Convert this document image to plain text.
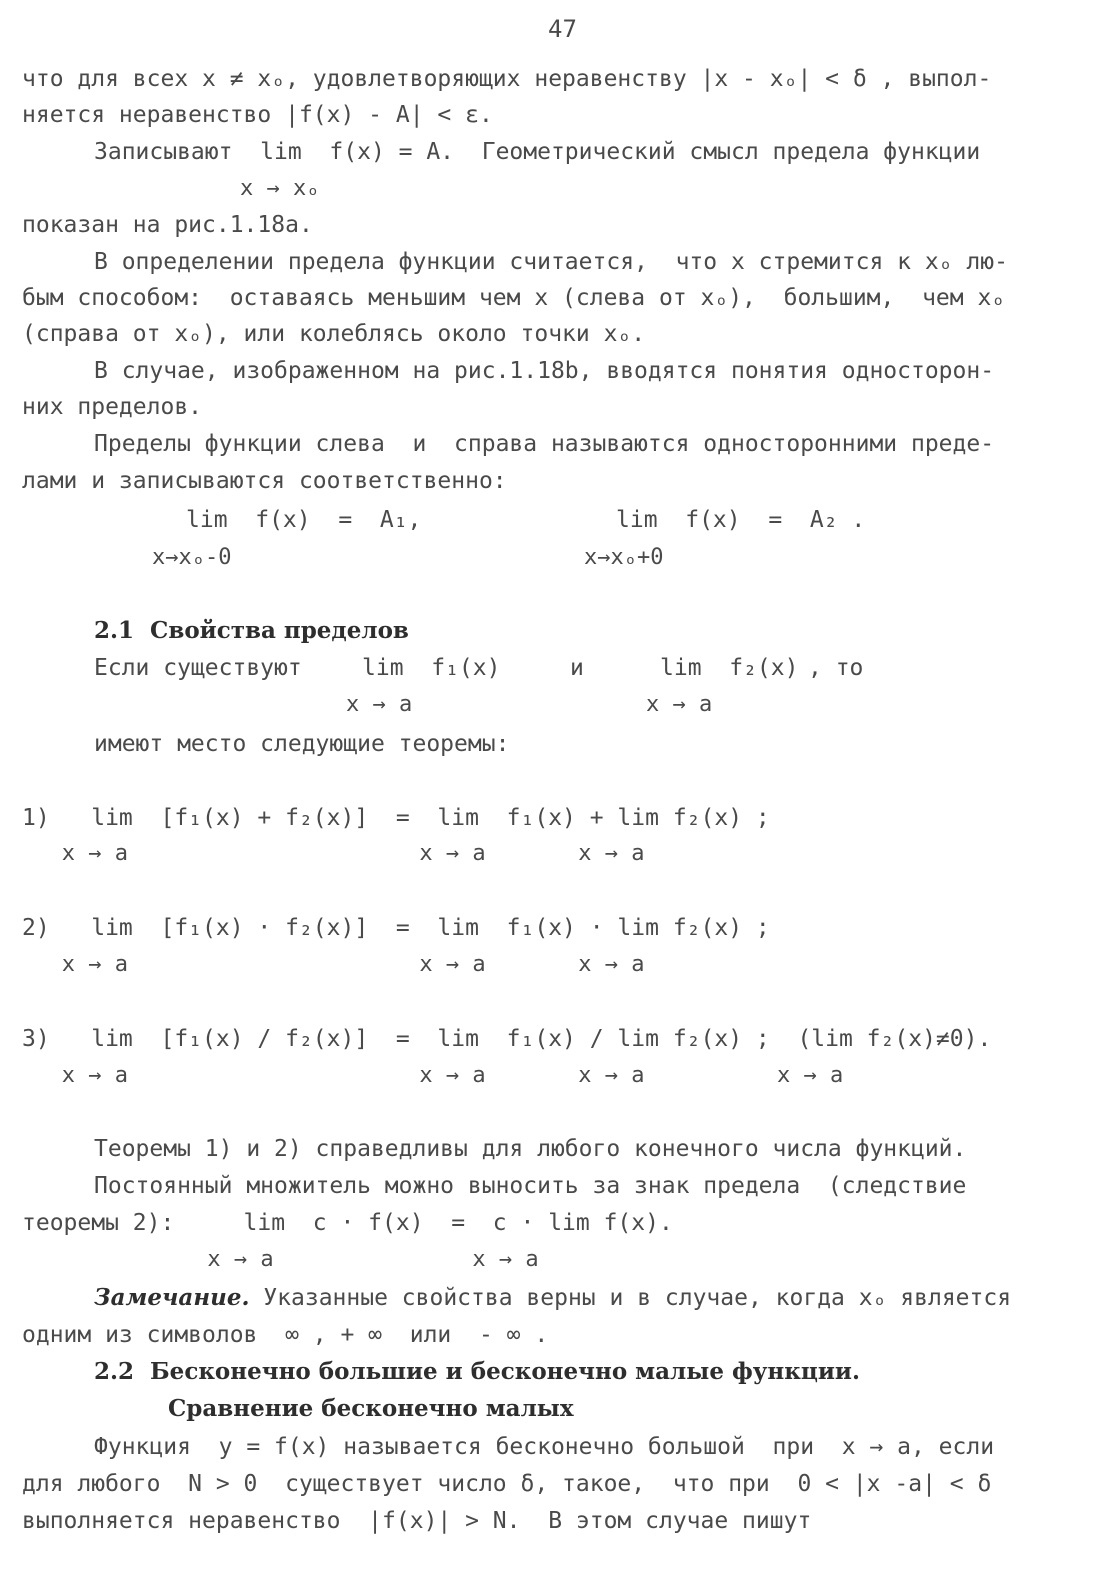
47
что для всех x ≠ xₒ, удовлетворяющих неравенству |x - xₒ| < δ , выпол-
няется неравенство |f(x) - A| < ε.
Записывают  lim  f(x) = A.  Геометрический смысл предела функции
x → xₒ
показан на рис.1.18a.
В определении предела функции считается,  что x стремится к xₒ лю-
бым способом:  оставаясь меньшим чем x (слева от xₒ),  большим,  чем xₒ
(справа от xₒ), или колеблясь около точки xₒ.
В случае, изображенном на рис.1.18b, вводятся понятия односторон-
них пределов.
Пределы функции слева  и  справа называются односторонними преде-
лами и записываются соответственно:
lim  f(x)  =  A₁,	lim  f(x)  =  A₂ .
x→xₒ-0	x→xₒ+0
2.1  Свойства пределов
Если существуют	lim  f₁(x)	и	lim  f₂(x) , то
x → a	x → a
имеют место следующие теоремы:
1)   lim  [f₁(x) + f₂(x)]  =  lim  f₁(x) + lim f₂(x) ;
x → a                      x → a       x → a
2)   lim  [f₁(x) · f₂(x)]  =  lim  f₁(x) · lim f₂(x) ;
x → a                      x → a       x → a
3)   lim  [f₁(x) / f₂(x)]  =  lim  f₁(x) / lim f₂(x) ;  (lim f₂(x)≠0).
x → a                      x → a       x → a          x → a
Теоремы 1) и 2) справедливы для любого конечного числа функций.
Постоянный множитель можно выносить за знак предела  (следствие
теоремы 2):     lim  c · f(x)  =  c · lim f(x).
x → a               x → a
Замечание. Указанные свойства верны и в случае, когда xₒ является
одним из символов  ∞ , + ∞  или  - ∞ .
2.2  Бесконечно большие и бесконечно малые функции.
Сравнение бесконечно малых
Функция  y = f(x) называется бесконечно большой  при  x → a, если
для любого  N > 0  существует число δ, такое,  что при  0 < |x -a| < δ
выполняется неравенство  |f(x)| > N.  В этом случае пишут
